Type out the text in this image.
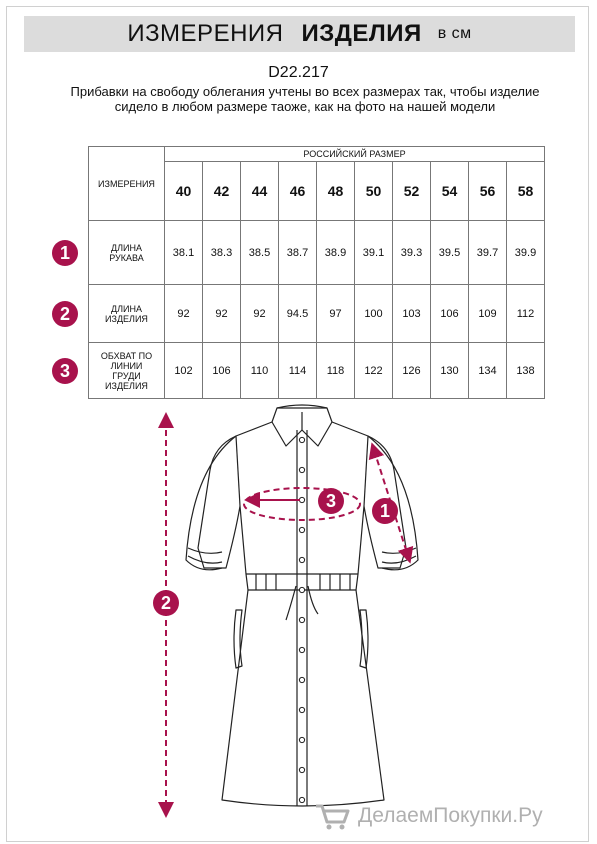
ИЗМЕРЕНИЯ ИЗДЕЛИЯ в см
D22.217
Прибавки на свободу облегания учтены во всех размерах так, чтобы изделие сидело в любом размере таоже, как на фото на нашей модели
ИЗМЕРЕНИЯ	РОССИЙСКИЙ РАЗМЕР									
	40	42	44	46	48	50	52	54	56	58

ДЛИНА
РУКАВА	38.1	38.3	38.5	38.7	38.9	39.1	39.3	39.5	39.7	39.9

ДЛИНА
ИЗДЕЛИЯ	92	92	92	94.5	97	100	103	106	109	112

ОБХВАТ ПО
ЛИНИИ
ГРУДИ
ИЗДЕЛИЯ	102	106	110	114	118	122	126	130	134	138
1
2
3
2
1
3
ДелаемПокупки.Ру
